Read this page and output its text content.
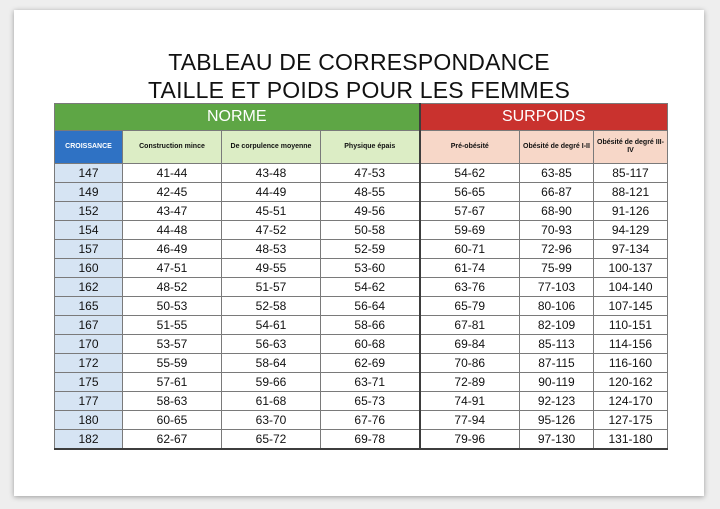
TABLEAU DE CORRESPONDANCE
TAILLE ET POIDS POUR LES FEMMES
NORME				SURPOIDS		
CROISSANCE	Construction mince	De corpulence moyenne	Physique épais	Pré-obésité	Obésité de degré I-II	Obésité de degré III-IV
147	41-44	43-48	47-53	54-62	63-85	85-117
149	42-45	44-49	48-55	56-65	66-87	88-121
152	43-47	45-51	49-56	57-67	68-90	91-126
154	44-48	47-52	50-58	59-69	70-93	94-129
157	46-49	48-53	52-59	60-71	72-96	97-134
160	47-51	49-55	53-60	61-74	75-99	100-137
162	48-52	51-57	54-62	63-76	77-103	104-140
165	50-53	52-58	56-64	65-79	80-106	107-145
167	51-55	54-61	58-66	67-81	82-109	110-151
170	53-57	56-63	60-68	69-84	85-113	114-156
172	55-59	58-64	62-69	70-86	87-115	116-160
175	57-61	59-66	63-71	72-89	90-119	120-162
177	58-63	61-68	65-73	74-91	92-123	124-170
180	60-65	63-70	67-76	77-94	95-126	127-175
182	62-67	65-72	69-78	79-96	97-130	131-180
